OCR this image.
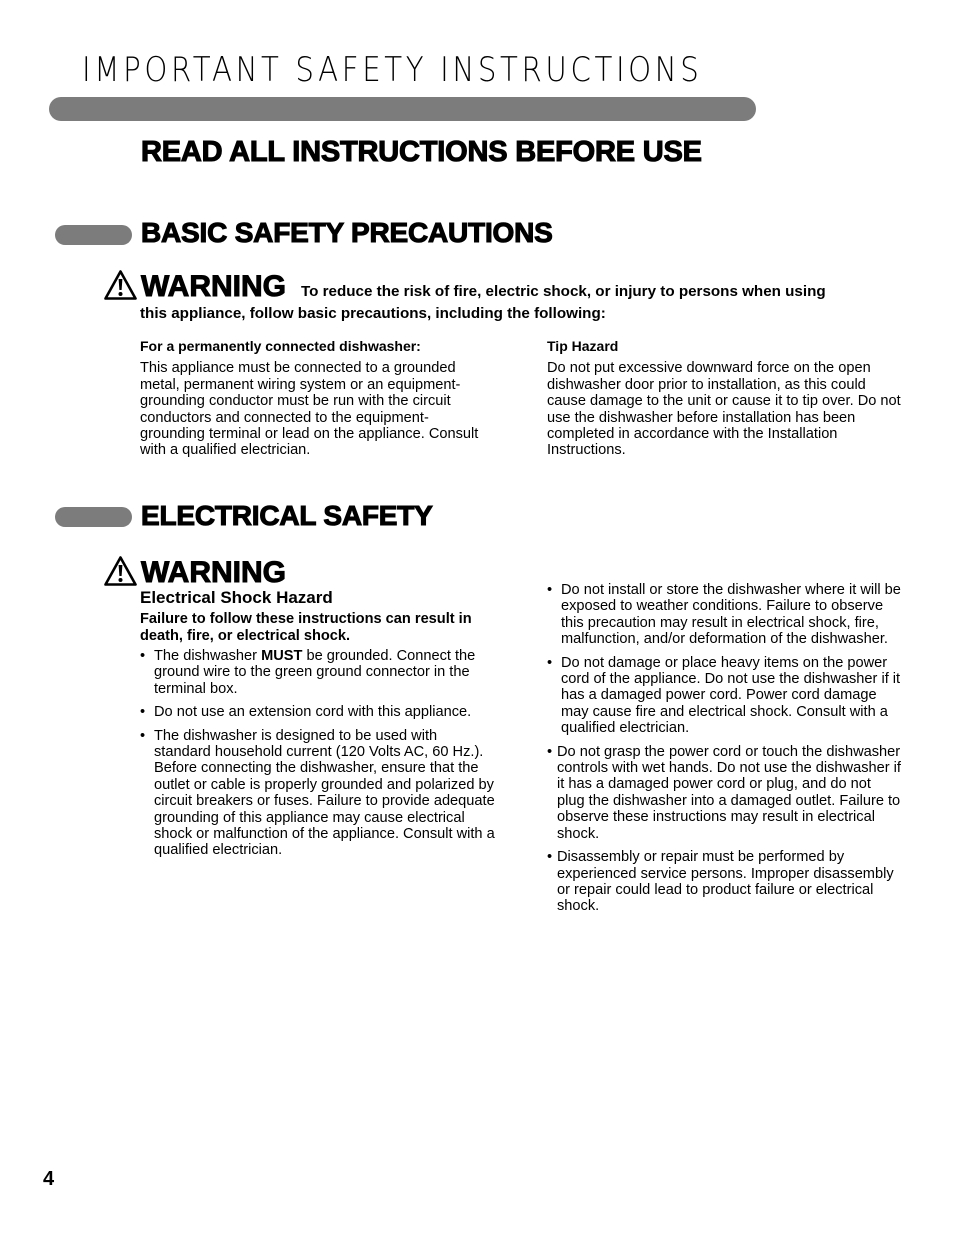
IMPORTANT SAFETY INSTRUCTIONS
READ ALL INSTRUCTIONS BEFORE USE
BASIC SAFETY PRECAUTIONS
WARNING To reduce the risk of fire, electric shock, or injury to persons when using
this appliance, follow basic precautions, including the following:
For a permanently connected dishwasher:

This appliance must be connected to a grounded metal, permanent wiring system or an equipment-grounding conductor must be run with the circuit conductors and connected to the equipment-grounding terminal or lead on the appliance. Consult with a qualified electrician.

Tip Hazard

Do not put excessive downward force on the open dishwasher door prior to installation, as this could cause damage to the unit or cause it to tip over. Do not use the dishwasher before installation has been completed in accordance with the Installation Instructions.

ELECTRICAL SAFETY
WARNING
Electrical Shock Hazard
Failure to follow these instructions can result in death, fire, or electrical shock.
• The dishwasher MUST be grounded. Connect the ground wire to the green ground connector in the terminal box.
• Do not use an extension cord with this appliance.
• The dishwasher is designed to be used with standard household current (120 Volts AC, 60 Hz.). Before connecting the dishwasher, ensure that the outlet or cable is properly grounded and polarized by circuit breakers or fuses. Failure to provide adequate grounding of this appliance may cause electrical shock or malfunction of the appliance. Consult with a qualified electrician.
• Do not install or store the dishwasher where it will be exposed to weather conditions. Failure to observe this precaution may result in electrical shock, fire, malfunction, and/or deformation of the dishwasher.
• Do not damage or place heavy items on the power cord of the appliance. Do not use the dishwasher if it has a damaged power cord. Power cord damage may cause fire and electrical shock. Consult with a qualified electrician.
• Do not grasp the power cord or touch the dishwasher controls with wet hands. Do not use the dishwasher if it has a damaged power cord or plug, and do not plug the dishwasher into a damaged outlet. Failure to observe these instructions may result in electrical shock.
• Disassembly or repair must be performed by experienced service persons. Improper disassembly or repair could lead to product failure or electrical shock.
4
